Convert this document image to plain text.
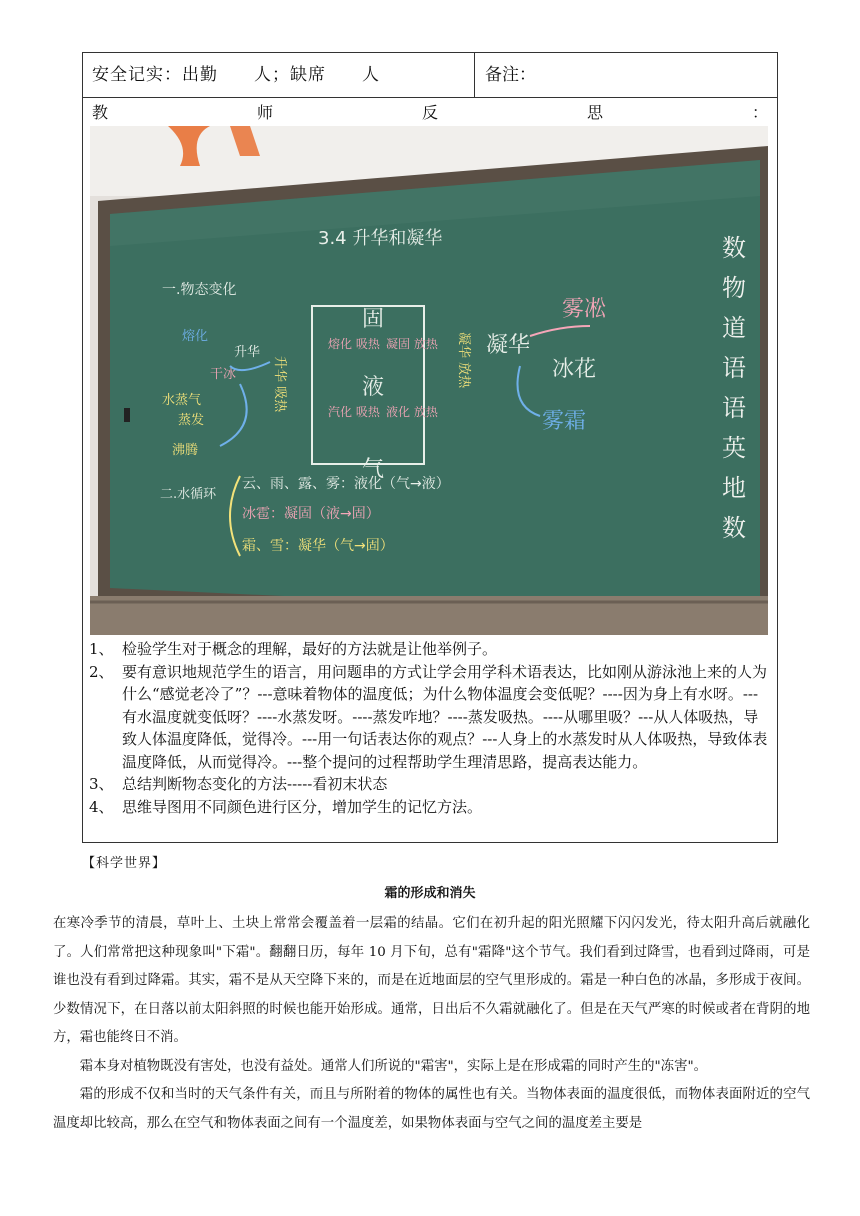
安全记实：出勤　　人；缺席　　人	备注：
教	师	反	思	：
3.4 升华和凝华
一.物态变化
固
液
气
熔化 吸热 凝固 放热
汽化 吸热 液化 放热
升华 吸热	凝华 放热
熔化
升华
干冰
水蒸气
蒸发
沸腾
凝华
雾凇
冰花
雾霜
二.水循环
云、雨、露、雾：液化（气→液）
冰雹：凝固（液→固）
霜、雪：凝华（气→固）
数
物
道
语
语
英
地
数
1、 检验学生对于概念的理解，最好的方法就是让他举例子。
2、 要有意识地规范学生的语言，用问题串的方式让学会用学科术语表达，比如刚从游泳池上来的人为什么“感觉老冷了”？---意味着物体的温度低；为什么物体温度会变低呢？----因为身上有水呀。---有水温度就变低呀？----水蒸发呀。----蒸发咋地？----蒸发吸热。----从哪里吸？---从人体吸热，导致人体温度降低，觉得冷。---用一句话表达你的观点？---人身上的水蒸发时从人体吸热，导致体表温度降低，从而觉得冷。---整个提问的过程帮助学生理清思路，提高表达能力。
3、 总结判断物态变化的方法-----看初末状态
4、 思维导图用不同颜色进行区分，增加学生的记忆方法。
【科学世界】
霜的形成和消失

在寒冷季节的清晨，草叶上、土块上常常会覆盖着一层霜的结晶。它们在初升起的阳光照耀下闪闪发光，待太阳升高后就融化了。人们常常把这种现象叫"下霜"。翻翻日历，每年 10 月下旬，总有"霜降"这个节气。我们看到过降雪，也看到过降雨，可是谁也没有看到过降霜。其实，霜不是从天空降下来的，而是在近地面层的空气里形成的。霜是一种白色的冰晶，多形成于夜间。少数情况下，在日落以前太阳斜照的时候也能开始形成。通常，日出后不久霜就融化了。但是在天气严寒的时候或者在背阴的地方，霜也能终日不消。

霜本身对植物既没有害处，也没有益处。通常人们所说的"霜害"，实际上是在形成霜的同时产生的"冻害"。

霜的形成不仅和当时的天气条件有关，而且与所附着的物体的属性也有关。当物体表面的温度很低，而物体表面附近的空气温度却比较高，那么在空气和物体表面之间有一个温度差，如果物体表面与空气之间的温度差主要是
